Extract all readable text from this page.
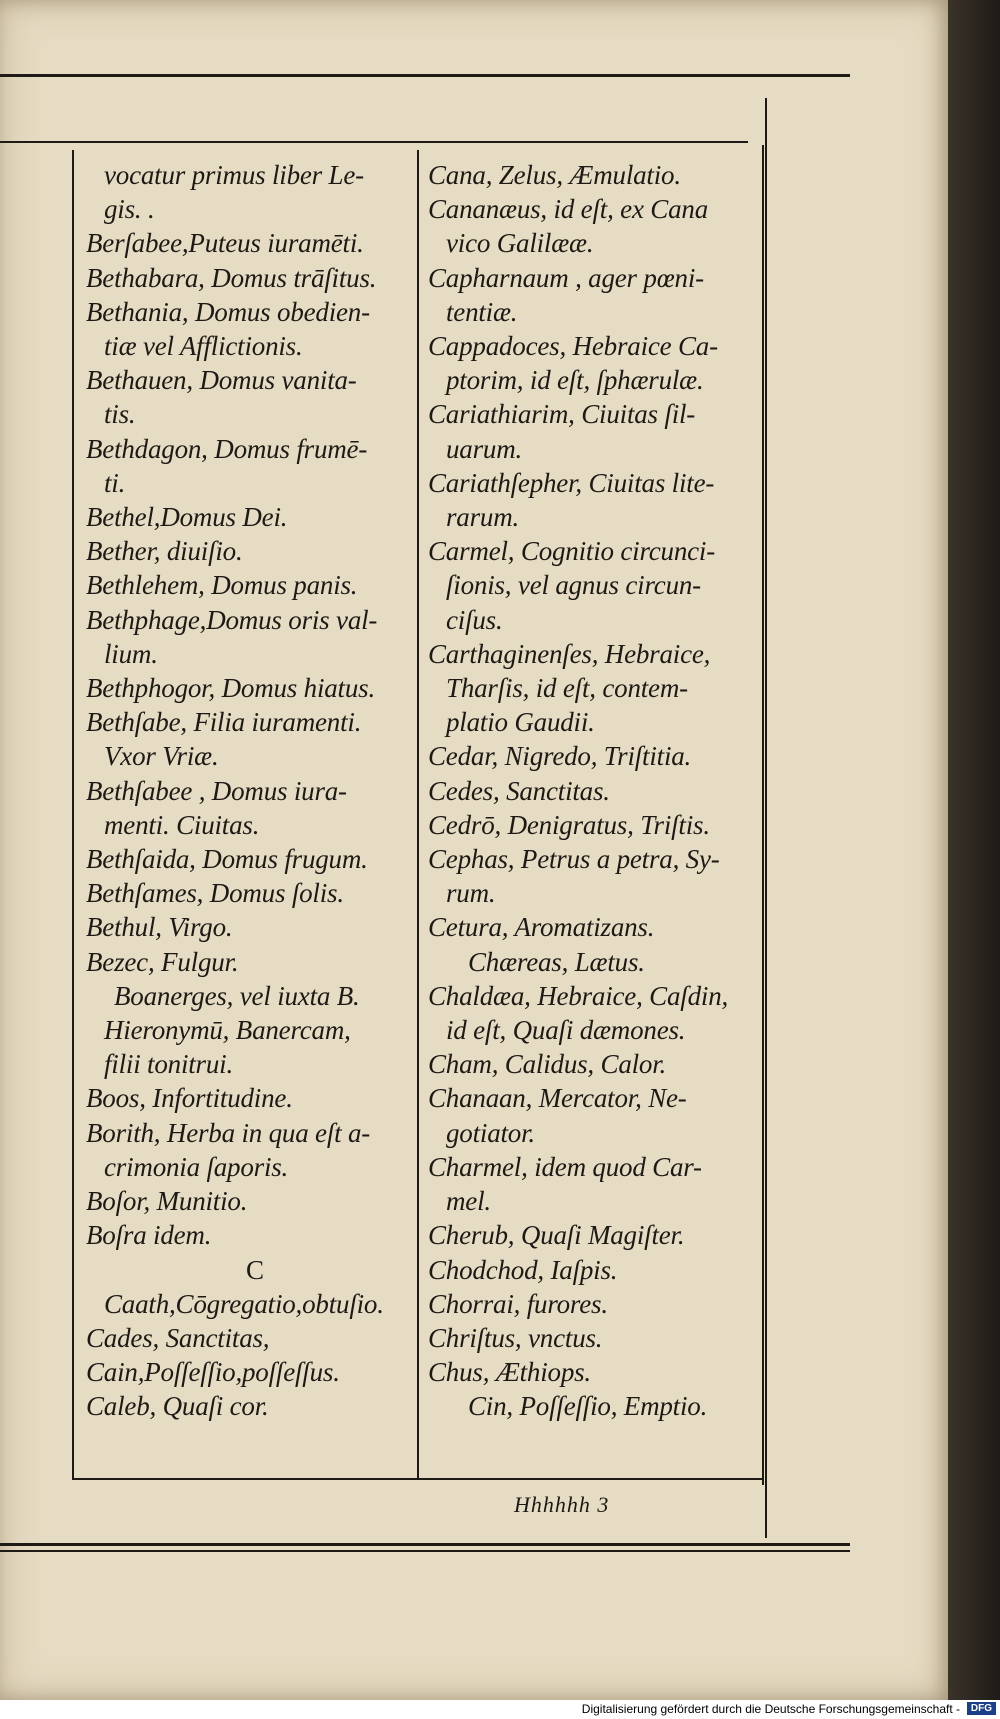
vocatur primus liber Le-
gis. .
Berſabee,Puteus iuramēti.
Bethabara, Domus trāſitus.
Bethania, Domus obedien-
tiæ vel Afflictionis.
Bethauen, Domus vanita-
tis.
Bethdagon, Domus frumē-
ti.
Bethel,Domus Dei.
Bether, diuiſio.
Bethlehem, Domus panis.
Bethphage,Domus oris val-
lium.
Bethphogor, Domus hiatus.
Bethſabe, Filia iuramenti.
Vxor Vriæ.
Bethſabee , Domus iura-
menti. Ciuitas.
Bethſaida, Domus frugum.
Bethſames, Domus ſolis.
Bethul, Virgo.
Bezec, Fulgur.
Boanerges, vel iuxta B.
Hieronymū, Banercam,
filii tonitrui.
Boos, Infortitudine.
Borith, Herba in qua eſt a-
crimonia ſaporis.
Boſor, Munitio.
Boſra idem.
C
Caath,Cōgregatio,obtuſio.
Cades, Sanctitas,
Cain,Poſſeſſio,poſſeſſus.
Caleb, Quaſi cor.
Cana, Zelus, Æmulatio.
Cananæus, id eſt, ex Cana
vico Galilææ.
Capharnaum , ager pœni-
tentiæ.
Cappadoces, Hebraice Ca-
ptorim, id eſt, ſphærulæ.
Cariathiarim, Ciuitas ſil-
uarum.
Cariathſepher, Ciuitas lite-
rarum.
Carmel, Cognitio circunci-
ſionis, vel agnus circun-
ciſus.
Carthaginenſes, Hebraice,
Tharſis, id eſt, contem-
platio Gaudii.
Cedar, Nigredo, Triſtitia.
Cedes, Sanctitas.
Cedrō, Denigratus, Triſtis.
Cephas, Petrus a petra, Sy-
rum.
Cetura, Aromatizans.
Chæreas, Lætus.
Chaldæa, Hebraice, Caſdin,
id eſt, Quaſi dæmones.
Cham, Calidus, Calor.
Chanaan, Mercator, Ne-
gotiator.
Charmel, idem quod Car-
mel.
Cherub, Quaſi Magiſter.
Chodchod, Iaſpis.
Chorrai, furores.
Chriſtus, vnctus.
Chus, Æthiops.
Cin, Poſſeſſio, Emptio.
Hhhhhh 3
Digitalisierung gefördert durch die Deutsche Forschungsgemeinschaft -	DFG
